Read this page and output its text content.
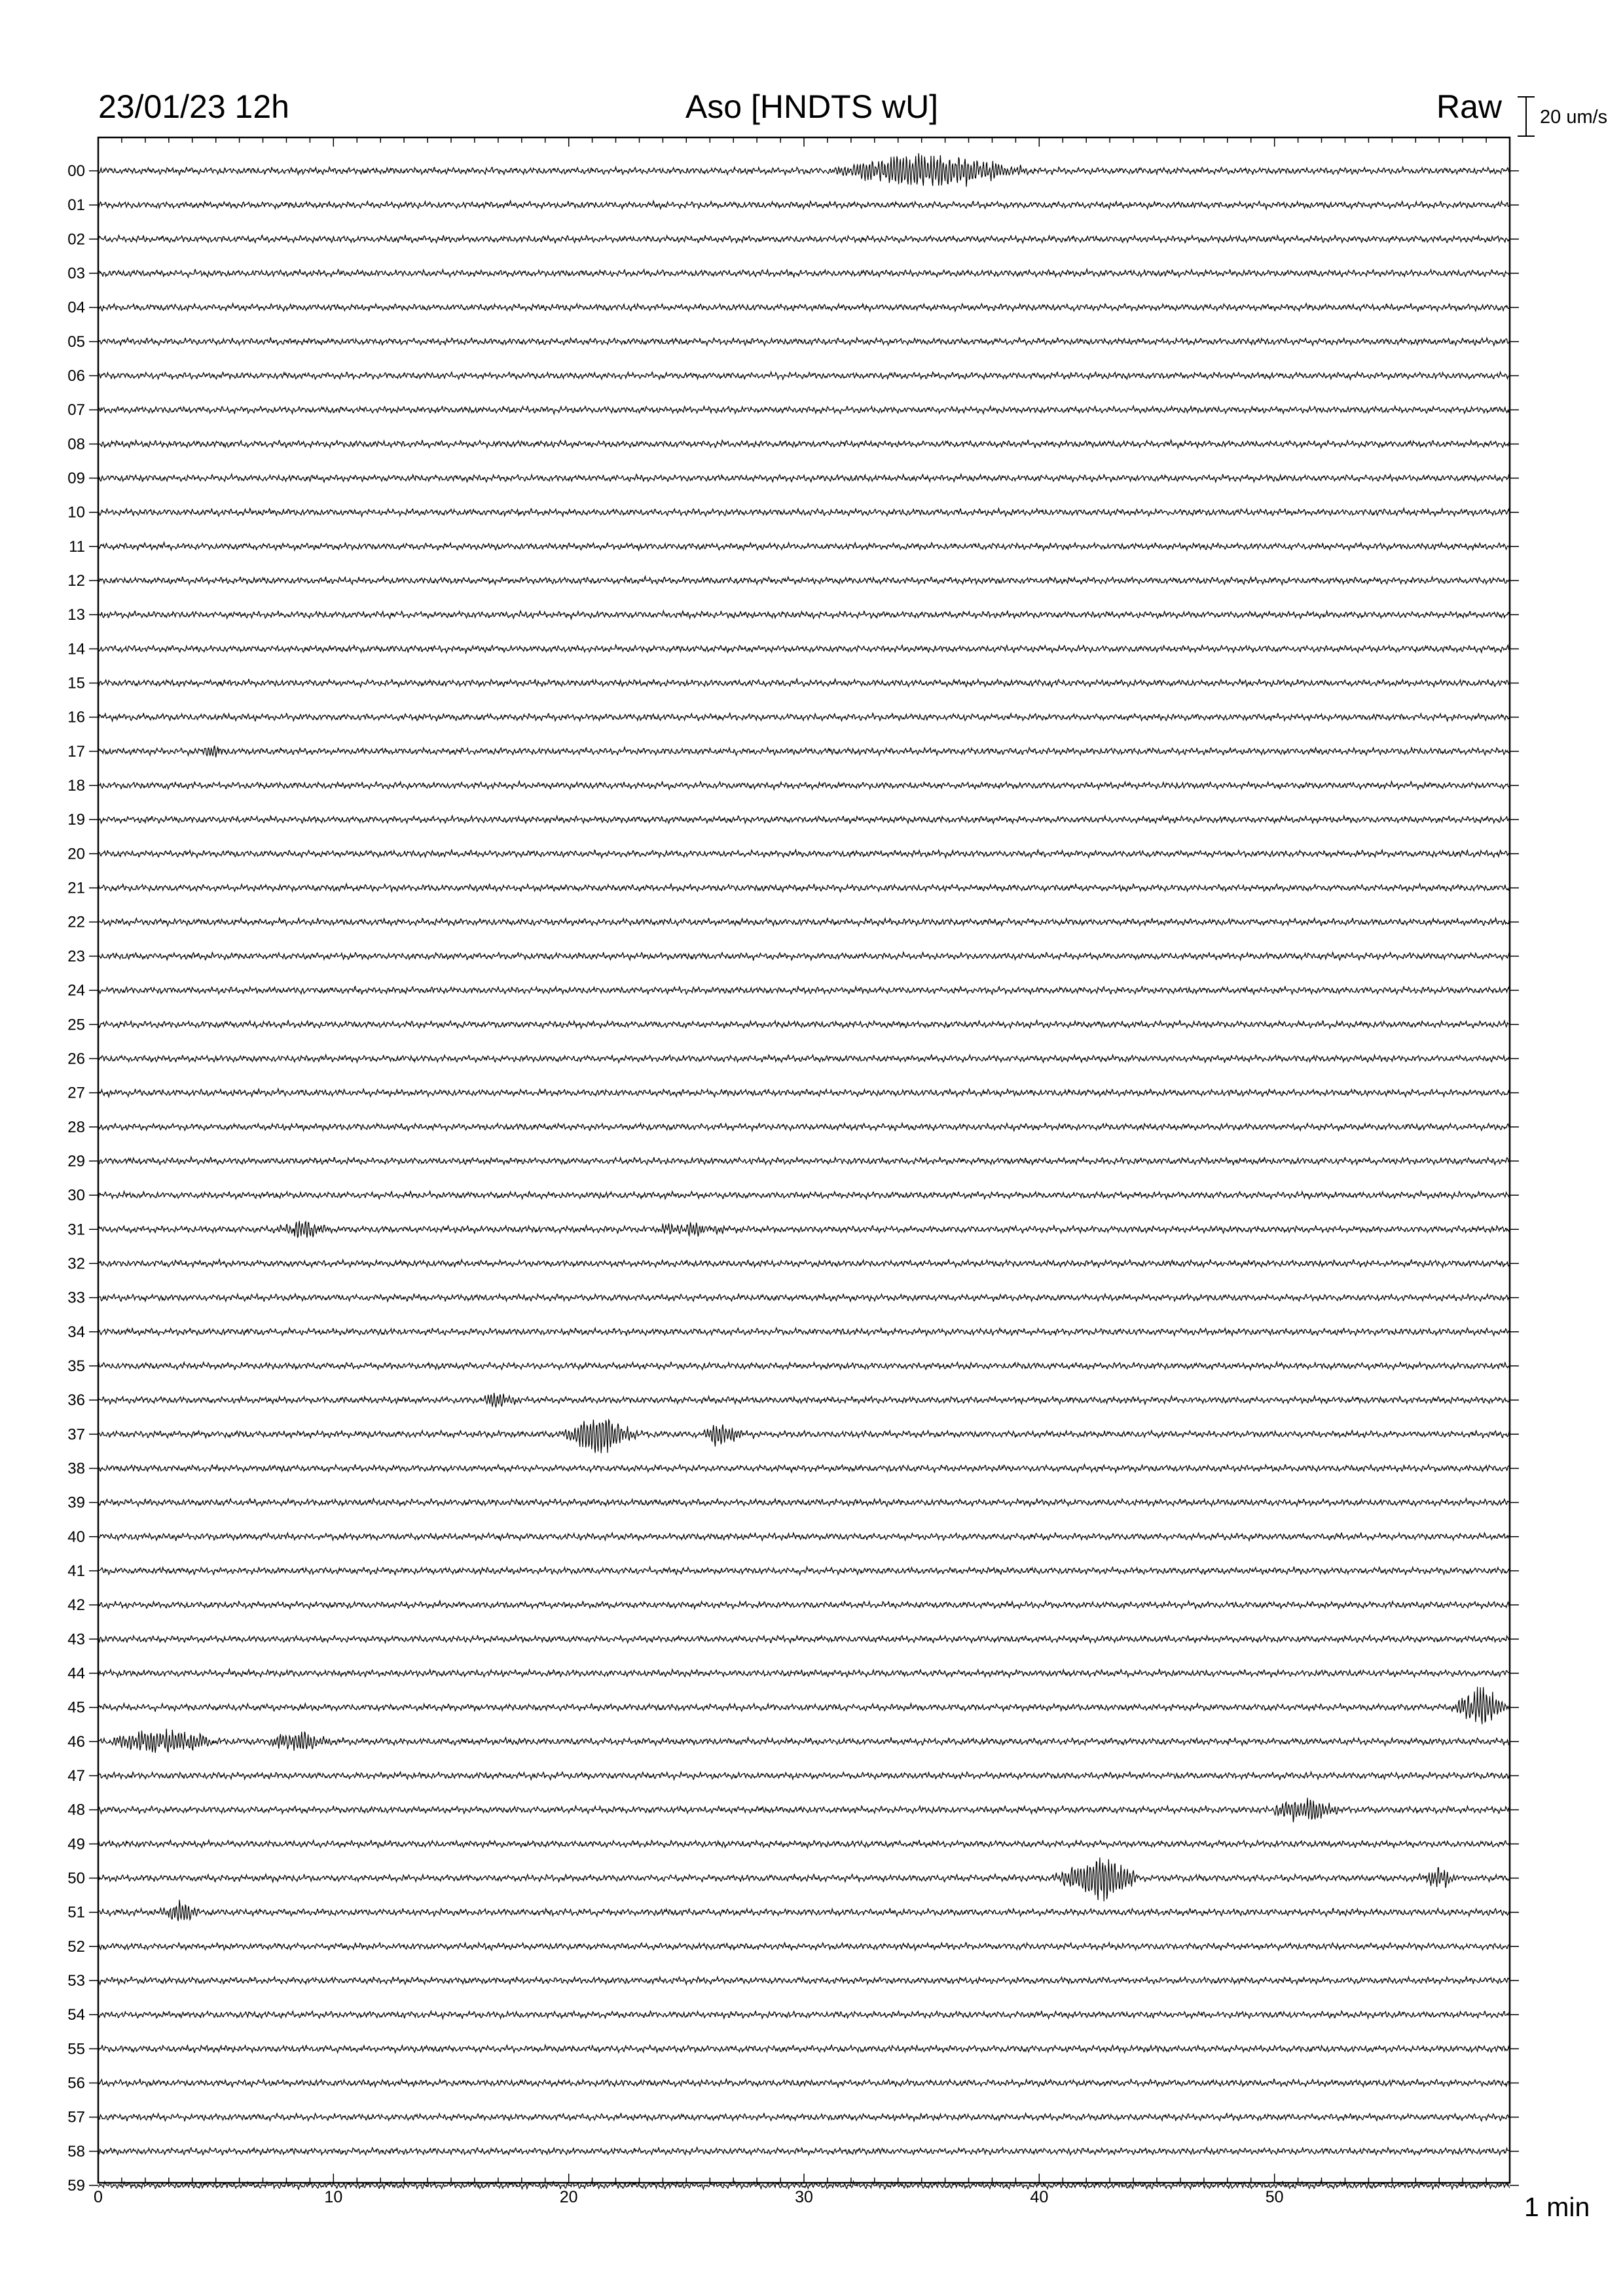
23/01/23 12h	Aso [HNDTS wU]	Raw 20 um/s
1 min
0	10	20	30	40	50
00
01
02
03
04
05
06
07
08
09
10
11
12
13
14
15
16
17
18
19
20
21
22
23
24
25
26
27
28
29
30
31
32
33
34
35
36
37
38
39
40
41
42
43
44
45
46
47
48
49
50
51
52
53
54
55
56
57
58
59
